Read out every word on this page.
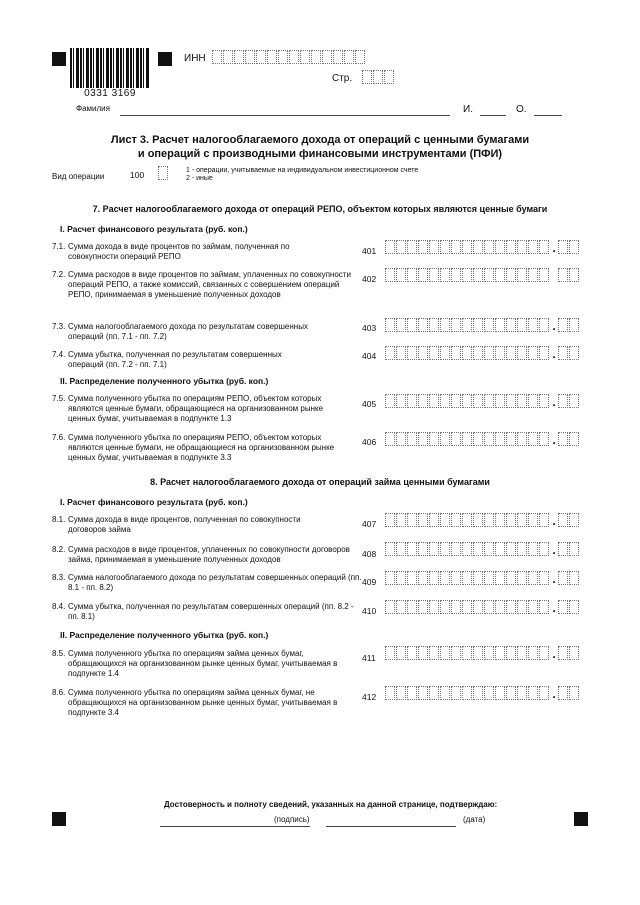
0331 3169
ИНН
Стр.
Фамилия	И.	О.
Лист 3. Расчет налогооблагаемого дохода от операций с ценными бумагами
и операций с производными финансовыми инструментами (ПФИ)
Вид операции	100	1 - операции, учитываемые на индивидуальном инвестиционном счете
2 - иные
7. Расчет налогооблагаемого дохода от операций РЕПО, объектом которых являются ценные бумаги
I. Расчет финансового результата (руб. коп.)
7.1. Сумма дохода в виде процентов по займам, полученная по совокупности операций РЕПО
401	.
7.2. Сумма расходов в виде процентов по займам, уплаченных по совокупности операций РЕПО, а также комиссий, связанных с совершением операций РЕПО, принимаемая в уменьшение полученных доходов
402
7.3. Сумма налогооблагаемого дохода по результатам совершенных операций (пп. 7.1 - пп. 7.2)
403	.
7.4. Сумма убытка, полученная по результатам совершенных операций (пп. 7.2 - пп. 7.1)
404	.
II. Распределение полученного убытка (руб. коп.)
7.5. Сумма полученного убытка по операциям РЕПО, объектом которых являются ценные бумаги, обращающиеся на организованном рынке ценных бумаг, учитываемая в подпункте 1.3
405	.
7.6. Сумма полученного убытка по операциям РЕПО, объектом которых являются ценные бумаги, не обращающиеся на организованном рынке ценных бумаг, учитываемая в подпункте 3.3
406	.
8. Расчет налогооблагаемого дохода от операций займа ценными бумагами
I. Расчет финансового результата (руб. коп.)
8.1. Сумма дохода в виде процентов, полученная по совокупности договоров займа
407	.
8.2. Сумма расходов в виде процентов, уплаченных по совокупности договоров займа, принимаемая в уменьшение полученных доходов
408	.
8.3. Сумма налогооблагаемого дохода по результатам совершенных операций (пп. 8.1 - пп. 8.2)
409	.
8.4. Сумма убытка, полученная по результатам совершенных операций (пп. 8.2 - пп. 8.1)
410	.
II. Распределение полученного убытка (руб. коп.)
8.5. Сумма полученного убытка по операциям займа ценных бумаг, обращающихся на организованном рынке ценных бумаг, учитываемая в подпункте 1.4
411	.
8.6. Сумма полученного убытка по операциям займа ценных бумаг, не обращающихся на организованном рынке ценных бумаг, учитываемая в подпункте 3.4
412	.
Достоверность и полноту сведений, указанных на данной странице, подтверждаю:
(подпись)	(дата)
